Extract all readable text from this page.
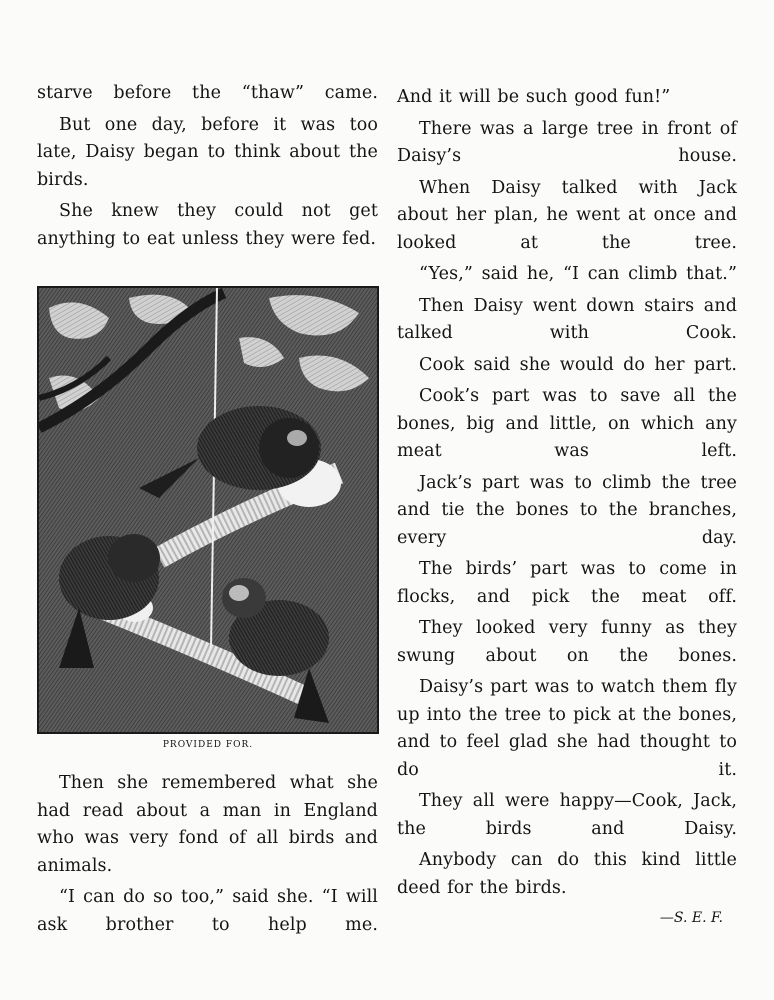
starve before the “thaw” came.

But one day, before it was too late, Daisy began to think about the birds.

She knew they could not get anything to eat unless they were fed.

PROVIDED FOR.

Then she remembered what she had read about a man in England who was very fond of all birds and animals.

“I can do so too,” said she. “I will ask brother to help me.

And it will be such good fun!”

There was a large tree in front of Daisy’s house.

When Daisy talked with Jack about her plan, he went at once and looked at the tree.

“Yes,” said he, “I can climb that.”

Then Daisy went down stairs and talked with Cook.

Cook said she would do her part.

Cook’s part was to save all the bones, big and little, on which any meat was left.

Jack’s part was to climb the tree and tie the bones to the branches, every day.

The birds’ part was to come in flocks, and pick the meat off.

They looked very funny as they swung about on the bones.

Daisy’s part was to watch them fly up into the tree to pick at the bones, and to feel glad she had thought to do it.

They all were happy—Cook, Jack, the birds and Daisy.

Anybody can do this kind little deed for the birds.

—S. E. F.
